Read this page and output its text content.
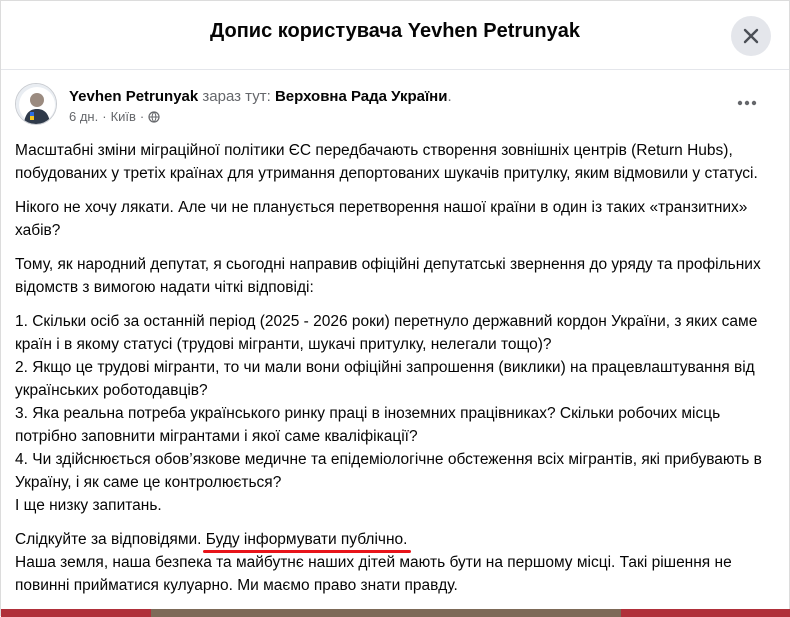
Допис користувача Yevhen Petrunyak
Yevhen Petrunyak зараз тут: Верховна Рада України.
6 дн. · Київ ·

Масштабні зміни міграційної політики ЄС передбачають створення зовнішніх центрів (Return Hubs), побудованих у третіх країнах для утримання депортованих шукачів притулку, яким відмовили у статусі.

Нікого не хочу лякати. Але чи не планується перетворення нашої країни в один із таких «транзитних» хабів?

Тому, як народний депутат, я сьогодні направив офіційні депутатські звернення до уряду та профільних відомств з вимогою надати чіткі відповіді:

1. Скільки осіб за останній період (2025 - 2026 роки) перетнуло державний кордон України, з яких саме країн і в якому статусі (трудові мігранти, шукачі притулку, нелегали тощо)?
2. Якщо це трудові мігранти, то чи мали вони офіційні запрошення (виклики) на працевлаштування від українських роботодавців?
3. Яка реальна потреба українського ринку праці в іноземних працівниках? Скільки робочих місць потрібно заповнити мігрантами і якої саме кваліфікації?
4. Чи здійснюється обов’язкове медичне та епідеміологічне обстеження всіх мігрантів, які прибувають в Україну, і як саме це контролюється?
І ще низку запитань.

Слідкуйте за відповідями. Буду інформувати публічно.
Наша земля, наша безпека та майбутнє наших дітей мають бути на першому місці. Такі рішення не повинні прийматися кулуарно. Ми маємо право знати правду.
